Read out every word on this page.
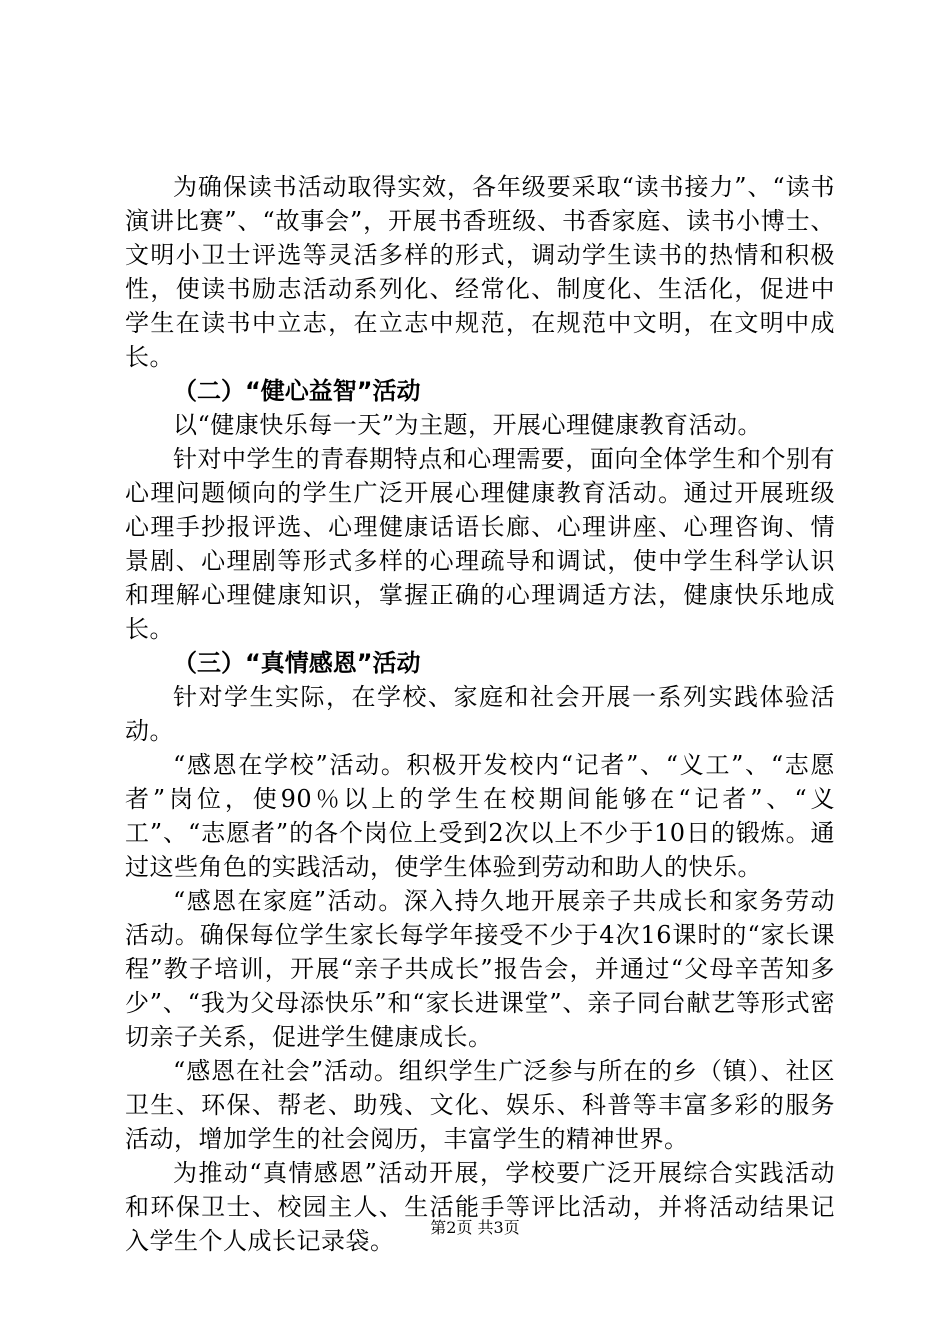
为确保读书活动取得实效，各年级要采取“读书接力”、“读书演讲比赛”、“故事会”，开展书香班级、书香家庭、读书小博士、文明小卫士评选等灵活多样的形式，调动学生读书的热情和积极性，使读书励志活动系列化、经常化、制度化、生活化，促进中学生在读书中立志，在立志中规范，在规范中文明，在文明中成长。

（二）“健心益智”活动

以“健康快乐每一天”为主题，开展心理健康教育活动。

针对中学生的青春期特点和心理需要，面向全体学生和个别有心理问题倾向的学生广泛开展心理健康教育活动。通过开展班级心理手抄报评选、心理健康话语长廊、心理讲座、心理咨询、情景剧、心理剧等形式多样的心理疏导和调试，使中学生科学认识和理解心理健康知识，掌握正确的心理调适方法，健康快乐地成长。

（三）“真情感恩”活动

针对学生实际，在学校、家庭和社会开展一系列实践体验活动。

“感恩在学校”活动。积极开发校内“记者”、“义工”、“志愿者”岗位，使90％以上的学生在校期间能够在“记者”、“义工”、“志愿者”的各个岗位上受到2次以上不少于10日的锻炼。通过这些角色的实践活动，使学生体验到劳动和助人的快乐。

“感恩在家庭”活动。深入持久地开展亲子共成长和家务劳动活动。确保每位学生家长每学年接受不少于4次16课时的“家长课程”教子培训，开展“亲子共成长”报告会，并通过“父母辛苦知多少”、“我为父母添快乐”和“家长进课堂”、亲子同台献艺等形式密切亲子关系，促进学生健康成长。

“感恩在社会”活动。组织学生广泛参与所在的乡（镇）、社区卫生、环保、帮老、助残、文化、娱乐、科普等丰富多彩的服务活动，增加学生的社会阅历，丰富学生的精神世界。

为推动“真情感恩”活动开展，学校要广泛开展综合实践活动和环保卫士、校园主人、生活能手等评比活动，并将活动结果记入学生个人成长记录袋。	第2页 共3页
